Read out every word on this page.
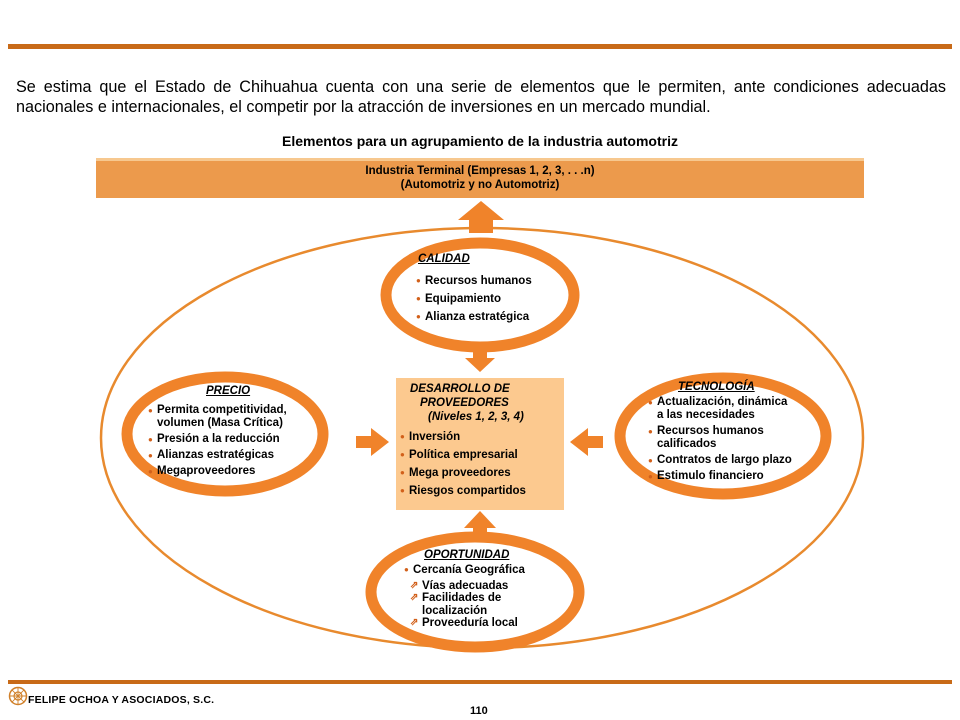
Se estima que el Estado de Chihuahua cuenta con una serie de elementos que le permiten, ante condiciones adecuadas nacionales e internacionales, el competir por la atracción de inversiones en un mercado mundial.

Elementos para un agrupamiento de la industria automotriz
Industria Terminal (Empresas 1, 2, 3, . . .n)
(Automotriz y no Automotriz)
CALIDAD
● Recursos humanos
● Equipamiento
● Alianza estratégica
DESARROLLO DE
PROVEEDORES
(Niveles 1, 2, 3, 4)
● Inversión
● Política empresarial
● Mega proveedores
● Riesgos compartidos
PRECIO
● Permita competitividad,
volumen (Masa Crítica)
● Presión a la reducción
● Alianzas estratégicas
● Megaproveedores
TECNOLOGÍA
● Actualización, dinámica
a las necesidades
● Recursos humanos
calificados
● Contratos de largo plazo
● Estimulo financiero
OPORTUNIDAD
● Cercanía Geográfica
⇗ Vías adecuadas
⇗ Facilidades de
localización
⇗ Proveeduría local
FELIPE OCHOA Y ASOCIADOS, S.C.
110
